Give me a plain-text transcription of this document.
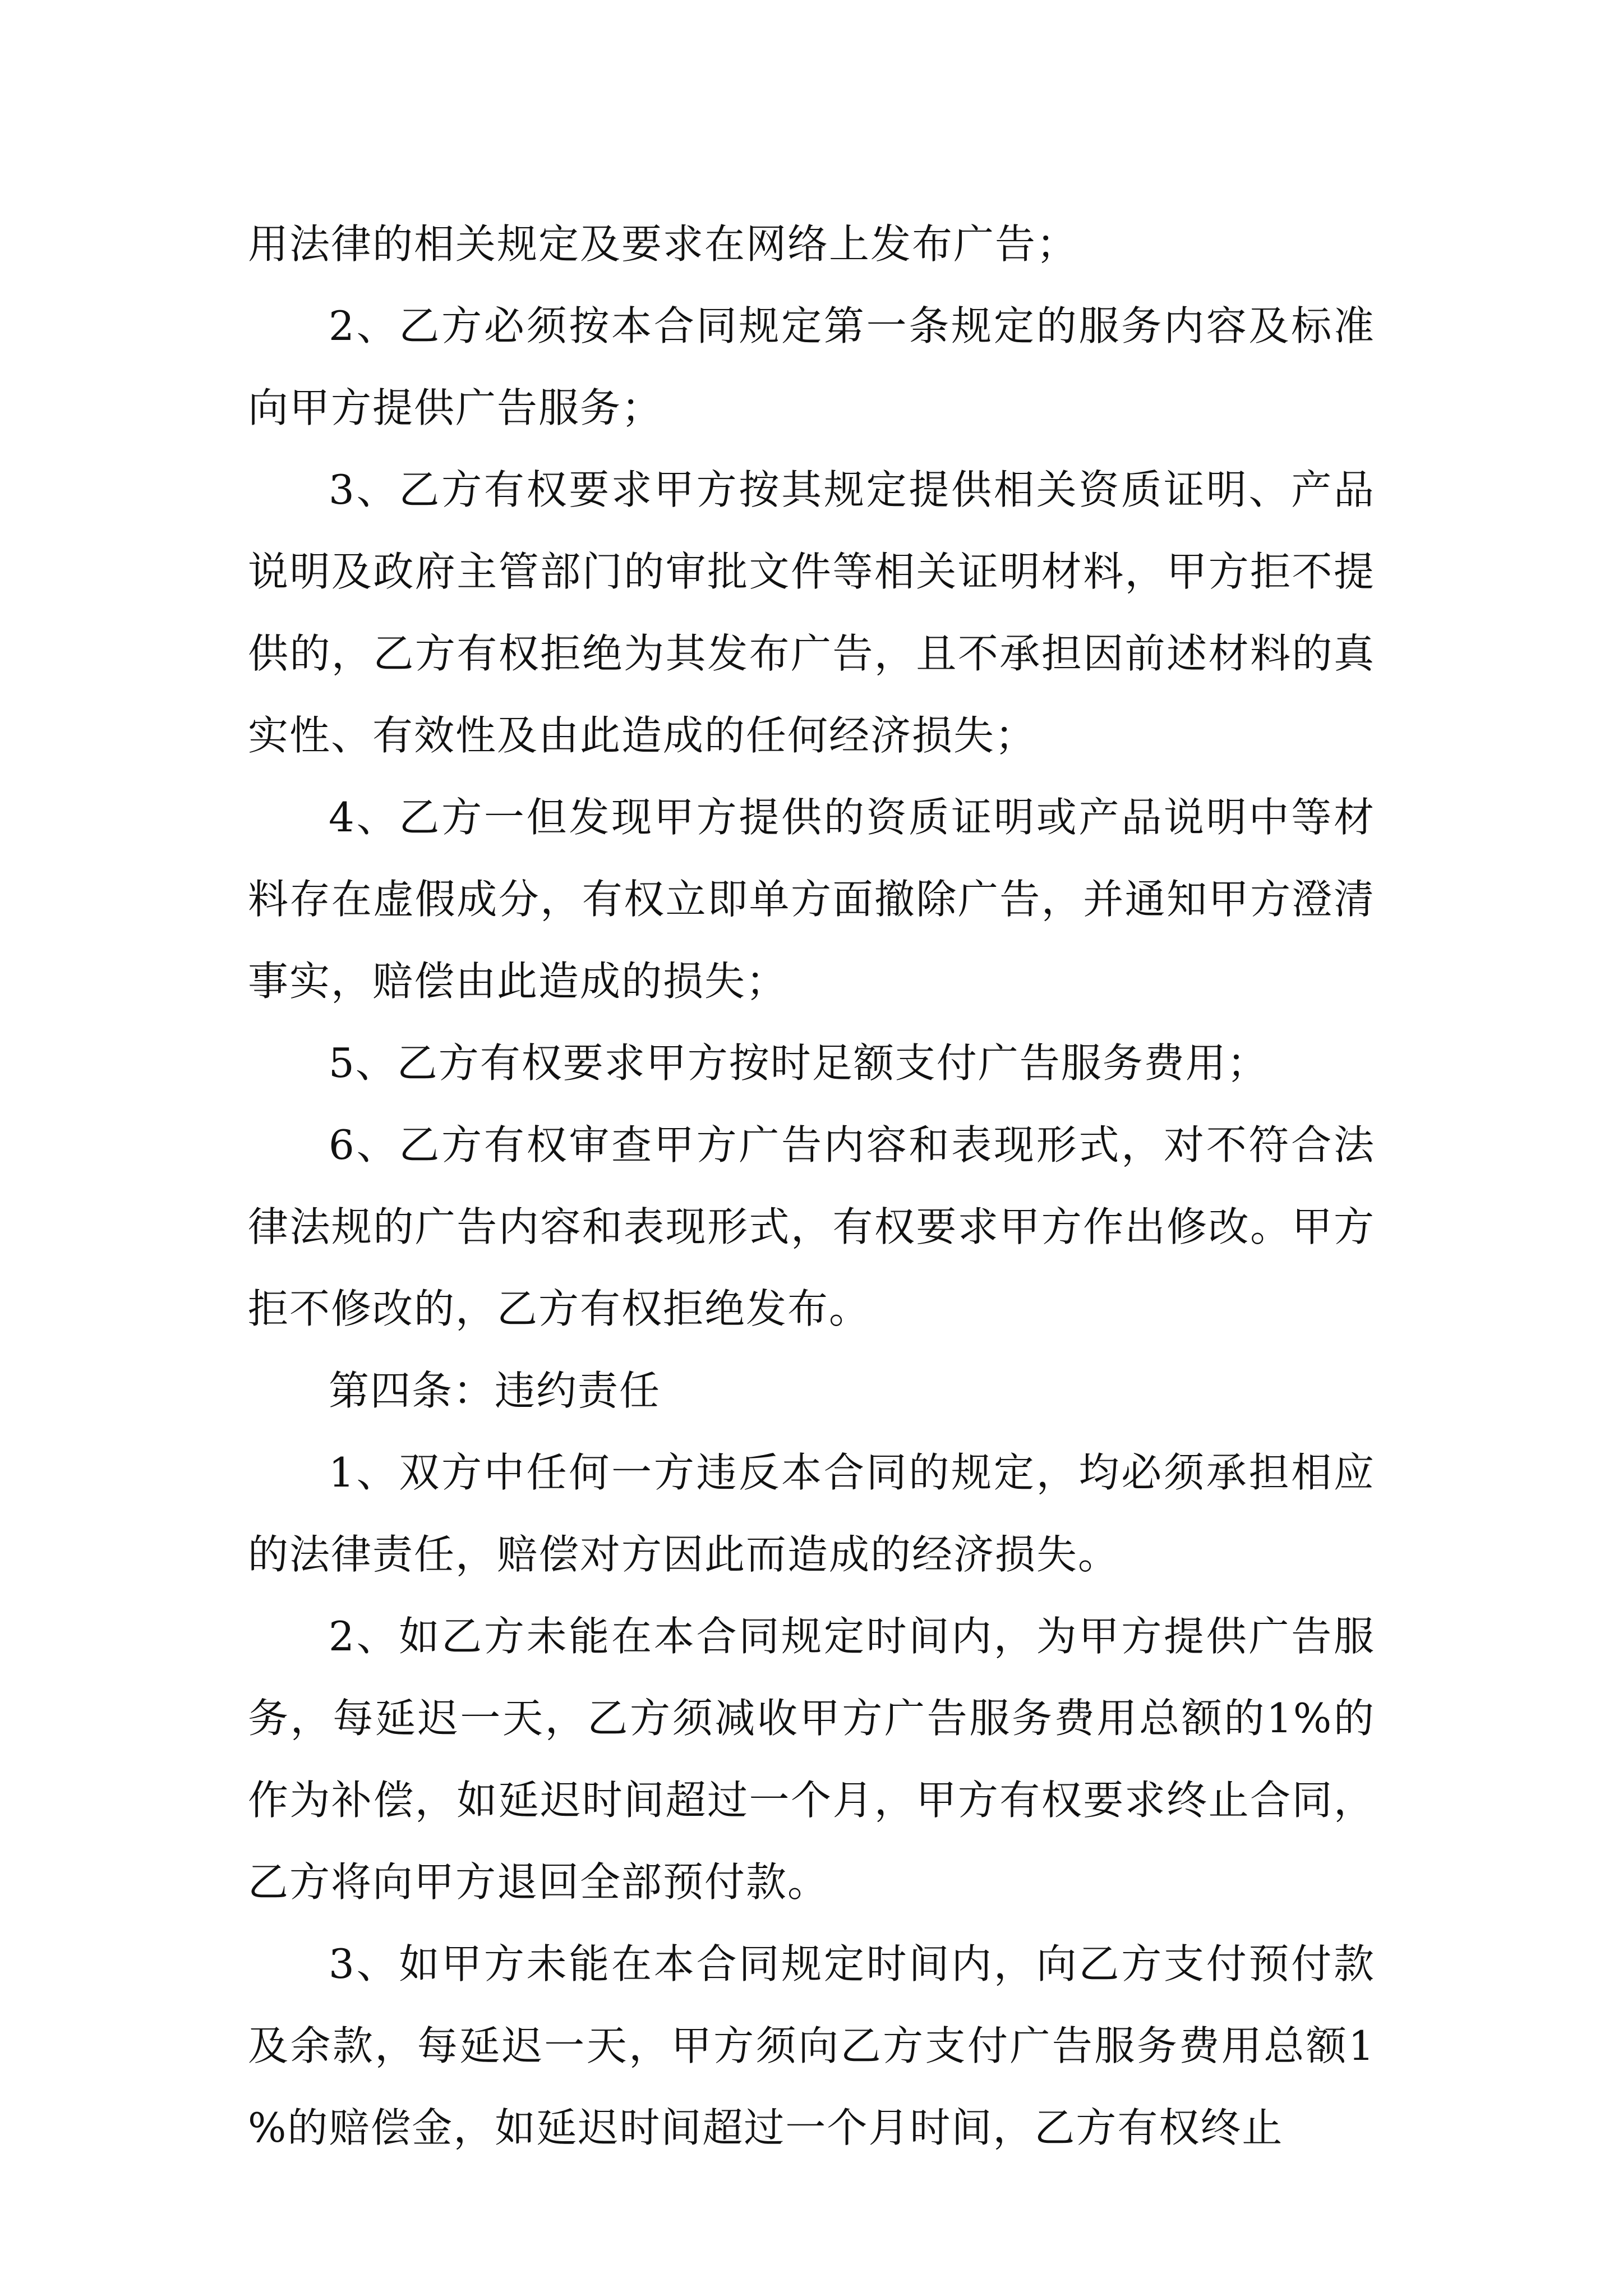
用法律的相关规定及要求在网络上发布广告；

2、乙方必须按本合同规定第一条规定的服务内容及标准向甲方提供广告服务；

3、乙方有权要求甲方按其规定提供相关资质证明、产品说明及政府主管部门的审批文件等相关证明材料，甲方拒不提供的，乙方有权拒绝为其发布广告，且不承担因前述材料的真实性、有效性及由此造成的任何经济损失；

4、乙方一但发现甲方提供的资质证明或产品说明中等材料存在虚假成分，有权立即单方面撤除广告，并通知甲方澄清事实，赔偿由此造成的损失；

5、乙方有权要求甲方按时足额支付广告服务费用；

6、乙方有权审查甲方广告内容和表现形式，对不符合法律法规的广告内容和表现形式，有权要求甲方作出修改。甲方拒不修改的，乙方有权拒绝发布。

第四条：违约责任

1、双方中任何一方违反本合同的规定，均必须承担相应的法律责任，赔偿对方因此而造成的经济损失。

2、如乙方未能在本合同规定时间内，为甲方提供广告服务，每延迟一天，乙方须减收甲方广告服务费用总额的1%的作为补偿，如延迟时间超过一个月，甲方有权要求终止合同，乙方将向甲方退回全部预付款。

3、如甲方未能在本合同规定时间内，向乙方支付预付款及余款，每延迟一天，甲方须向乙方支付广告服务费用总额1%的赔偿金，如延迟时间超过一个月时间，乙方有权终止
